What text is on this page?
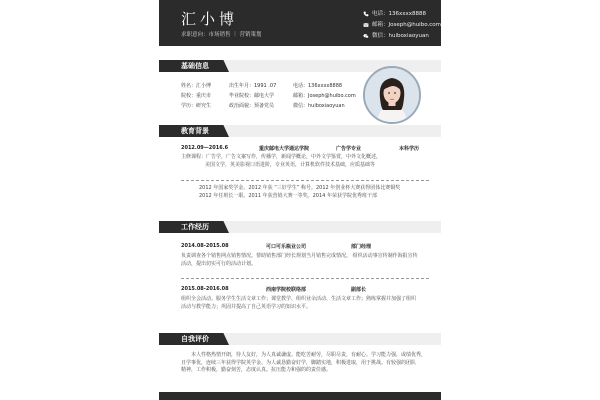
汇小博
求职意向：市场销售 ｜ 营销策划
电话：136xxxx8888
邮箱：Joseph@huibo.com
微信：huiboxiaoyuan
基础信息
姓名：汇小博	出生年月：1991 .07	电话：136xxxx8888
院校：重庆市	毕业院校：邮电大学	邮箱：Joseph@huibo.com
学历：研究生	政治面貌：预备党员	微信：huiboxiaoyuan
教育背景
2012.09—2016.6	重庆邮电大学通达学院	广告学专业	本科学历
主修课程：广告学，广告文案写作，传播学，新闻学概论，中外文学鉴赏，中外文化概述，
美国文学，英美影视口语进阶，专业英语，计算机软件技术基础，应质基础等
2012 年国家奖学金。2012 年获 “三好学生” 称号。2012 年创业杯大赛获得团体比赛铜奖
2012 年任班长一职。2011 年获营销大赛一等奖。2014 年荣获学院优秀班干部
工作经历
2014.08-2015.08	可口可乐瓶业公司	部门经理
负责调查各个销售网点销售情况。帮助销售部门经长规划当月销售完成情况。 组织活动事宣传制作海报宣传
活动，提出切实可行的活动计划。
2015.08-2016.08	西南学院校联络部	副部长
组织全会活动。服务学生生活文章工作；课堂教学、组织业余活动、生活文章工作；熟练掌握并加强了组织
活动与教学能力；巩固并提高了自己英语学习的知识水平。
自我评价
本人性格热情开朗，待人友好，为人真诚谦虚。能吃苦耐劳，尽职尽责，有耐心。学习能力强，或绩优秀，
且学事优，连续三年获得学院英学金。为人诚恳勤奋好学，脚踏实地，积极进取，用于挑战。有较强的团队
精神，工作积极，勤奋刻苦，态度认真。抗压能力和强的的责任感。
